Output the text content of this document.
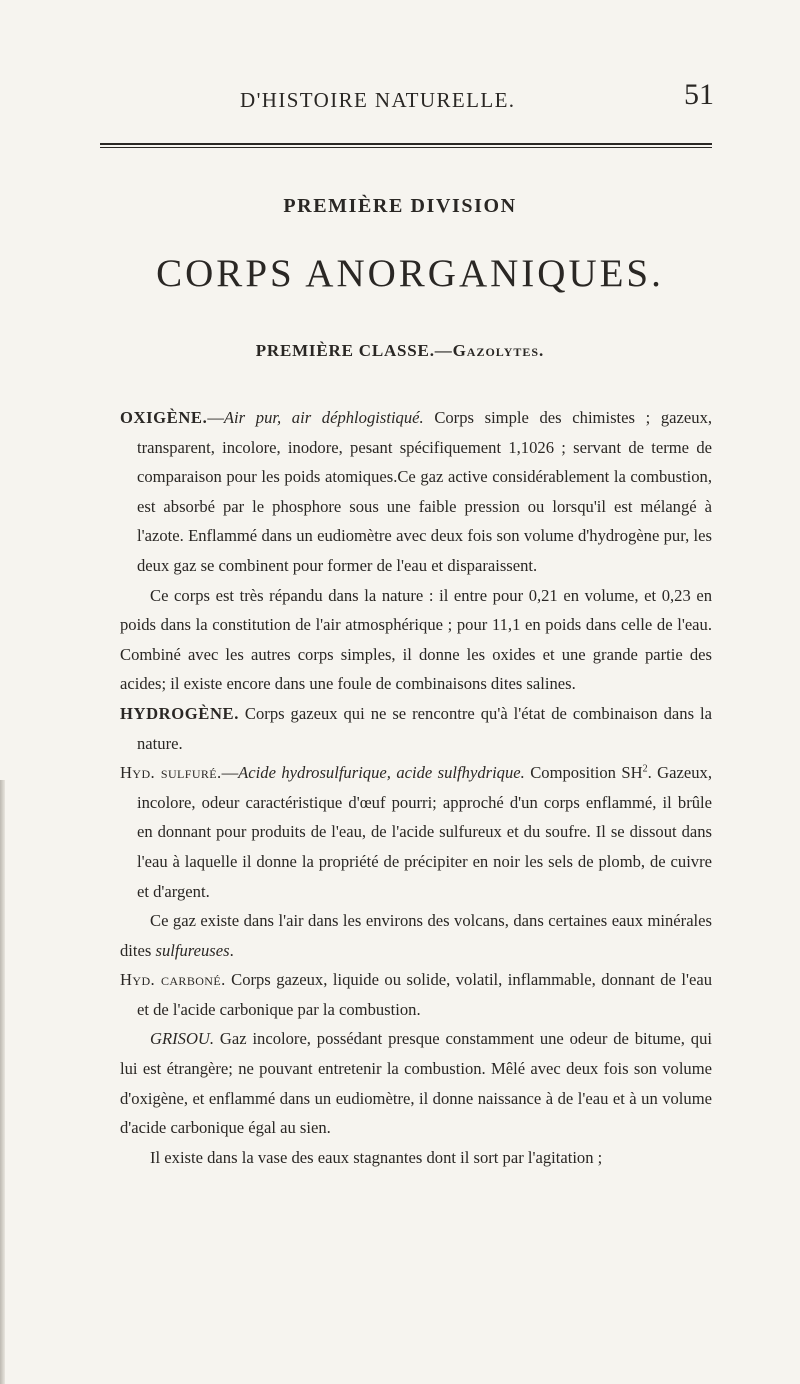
D'HISTOIRE NATURELLE.	51
PREMIÈRE DIVISION
CORPS ANORGANIQUES.
PREMIÈRE CLASSE.—Gazolytes.

OXIGÈNE.—Air pur, air déphlogistiqué. Corps simple des chimistes ; gazeux, transparent, incolore, inodore, pesant spécifiquement 1,1026 ; servant de terme de comparaison pour les poids atomiques.Ce gaz active considérablement la combustion, est absorbé par le phosphore sous une faible pression ou lorsqu'il est mélangé à l'azote. Enflammé dans un eudiomètre avec deux fois son volume d'hydrogène pur, les deux gaz se combinent pour former de l'eau et disparaissent.

Ce corps est très répandu dans la nature : il entre pour 0,21 en volume, et 0,23 en poids dans la constitution de l'air atmosphérique ; pour 11,1 en poids dans celle de l'eau. Combiné avec les autres corps simples, il donne les oxides et une grande partie des acides; il existe encore dans une foule de combinaisons dites salines.

HYDROGÈNE. Corps gazeux qui ne se rencontre qu'à l'état de combinaison dans la nature.

Hyd. sulfuré.—Acide hydrosulfurique, acide sulfhydrique. Composition $SH^2$. Gazeux, incolore, odeur caractéristique d'œuf pourri; approché d'un corps enflammé, il brûle en donnant pour produits de l'eau, de l'acide sulfureux et du soufre. Il se dissout dans l'eau à laquelle il donne la propriété de précipiter en noir les sels de plomb, de cuivre et d'argent.

Ce gaz existe dans l'air dans les environs des volcans, dans certaines eaux minérales dites sulfureuses.

Hyd. carboné. Corps gazeux, liquide ou solide, volatil, inflammable, donnant de l'eau et de l'acide carbonique par la combustion.

GRISOU. Gaz incolore, possédant presque constamment une odeur de bitume, qui lui est étrangère; ne pouvant entretenir la combustion. Mêlé avec deux fois son volume d'oxigène, et enflammé dans un eudiomètre, il donne naissance à de l'eau et à un volume d'acide carbonique égal au sien.

Il existe dans la vase des eaux stagnantes dont il sort par l'agitation ;
